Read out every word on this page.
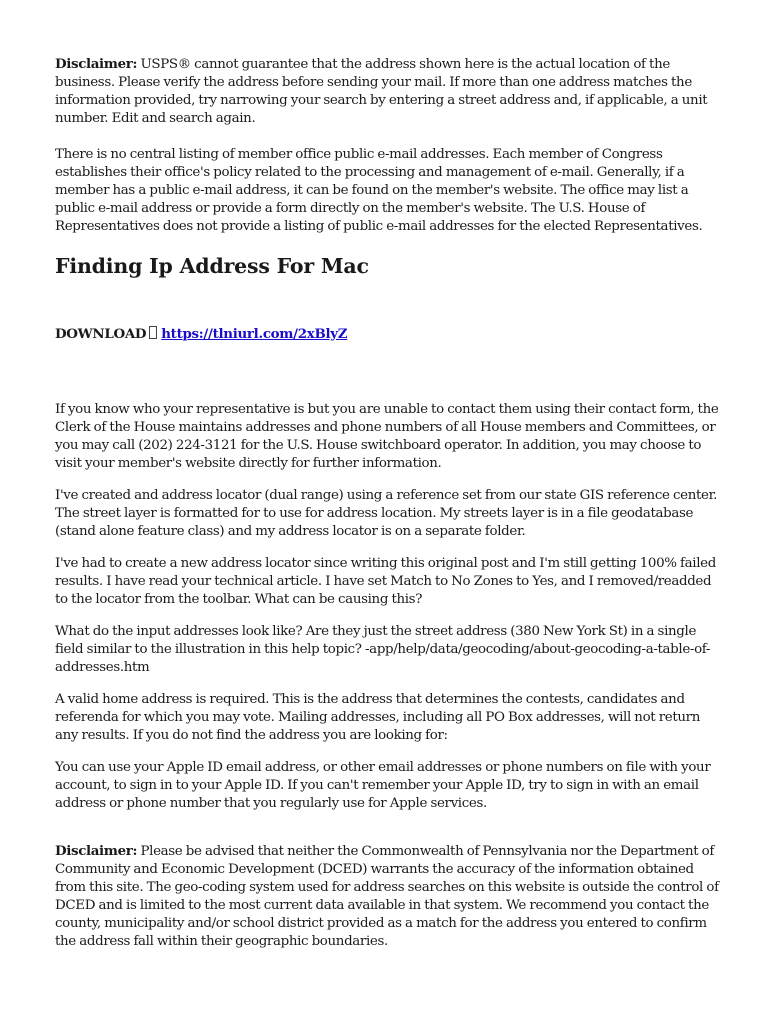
Disclaimer: USPS® cannot guarantee that the address shown here is the actual location of the business. Please verify the address before sending your mail. If more than one address matches the information provided, try narrowing your search by entering a street address and, if applicable, a unit number. Edit and search again.

There is no central listing of member office public e-mail addresses. Each member of Congress establishes their office's policy related to the processing and management of e-mail. Generally, if a member has a public e-mail address, it can be found on the member's website. The office may list a public e-mail address or provide a form directly on the member's website. The U.S. House of Representatives does not provide a listing of public e-mail addresses for the elected Representatives.

Finding Ip Address For Mac
DOWNLOAD https://tlniurl.com/2xBlyZ

If you know who your representative is but you are unable to contact them using their contact form, the Clerk of the House maintains addresses and phone numbers of all House members and Committees, or you may call (202) 224-3121 for the U.S. House switchboard operator. In addition, you may choose to visit your member's website directly for further information.

I've created and address locator (dual range) using a reference set from our state GIS reference center. The street layer is formatted for to use for address location. My streets layer is in a file geodatabase (stand alone feature class) and my address locator is on a separate folder.

I've had to create a new address locator since writing this original post and I'm still getting 100% failed results. I have read your technical article. I have set Match to No Zones to Yes, and I removed/readded to the locator from the toolbar. What can be causing this?

What do the input addresses look like? Are they just the street address (380 New York St) in a single field similar to the illustration in this help topic? -app/help/data/geocoding/about-geocoding-a-table-of-addresses.htm

A valid home address is required. This is the address that determines the contests, candidates and referenda for which you may vote. Mailing addresses, including all PO Box addresses, will not return any results. If you do not find the address you are looking for:

You can use your Apple ID email address, or other email addresses or phone numbers on file with your account, to sign in to your Apple ID. If you can't remember your Apple ID, try to sign in with an email address or phone number that you regularly use for Apple services.

Disclaimer: Please be advised that neither the Commonwealth of Pennsylvania nor the Department of Community and Economic Development (DCED) warrants the accuracy of the information obtained from this site. The geo-coding system used for address searches on this website is outside the control of DCED and is limited to the most current data available in that system. We recommend you contact the county, municipality and/or school district provided as a match for the address you entered to confirm the address fall within their geographic boundaries.
